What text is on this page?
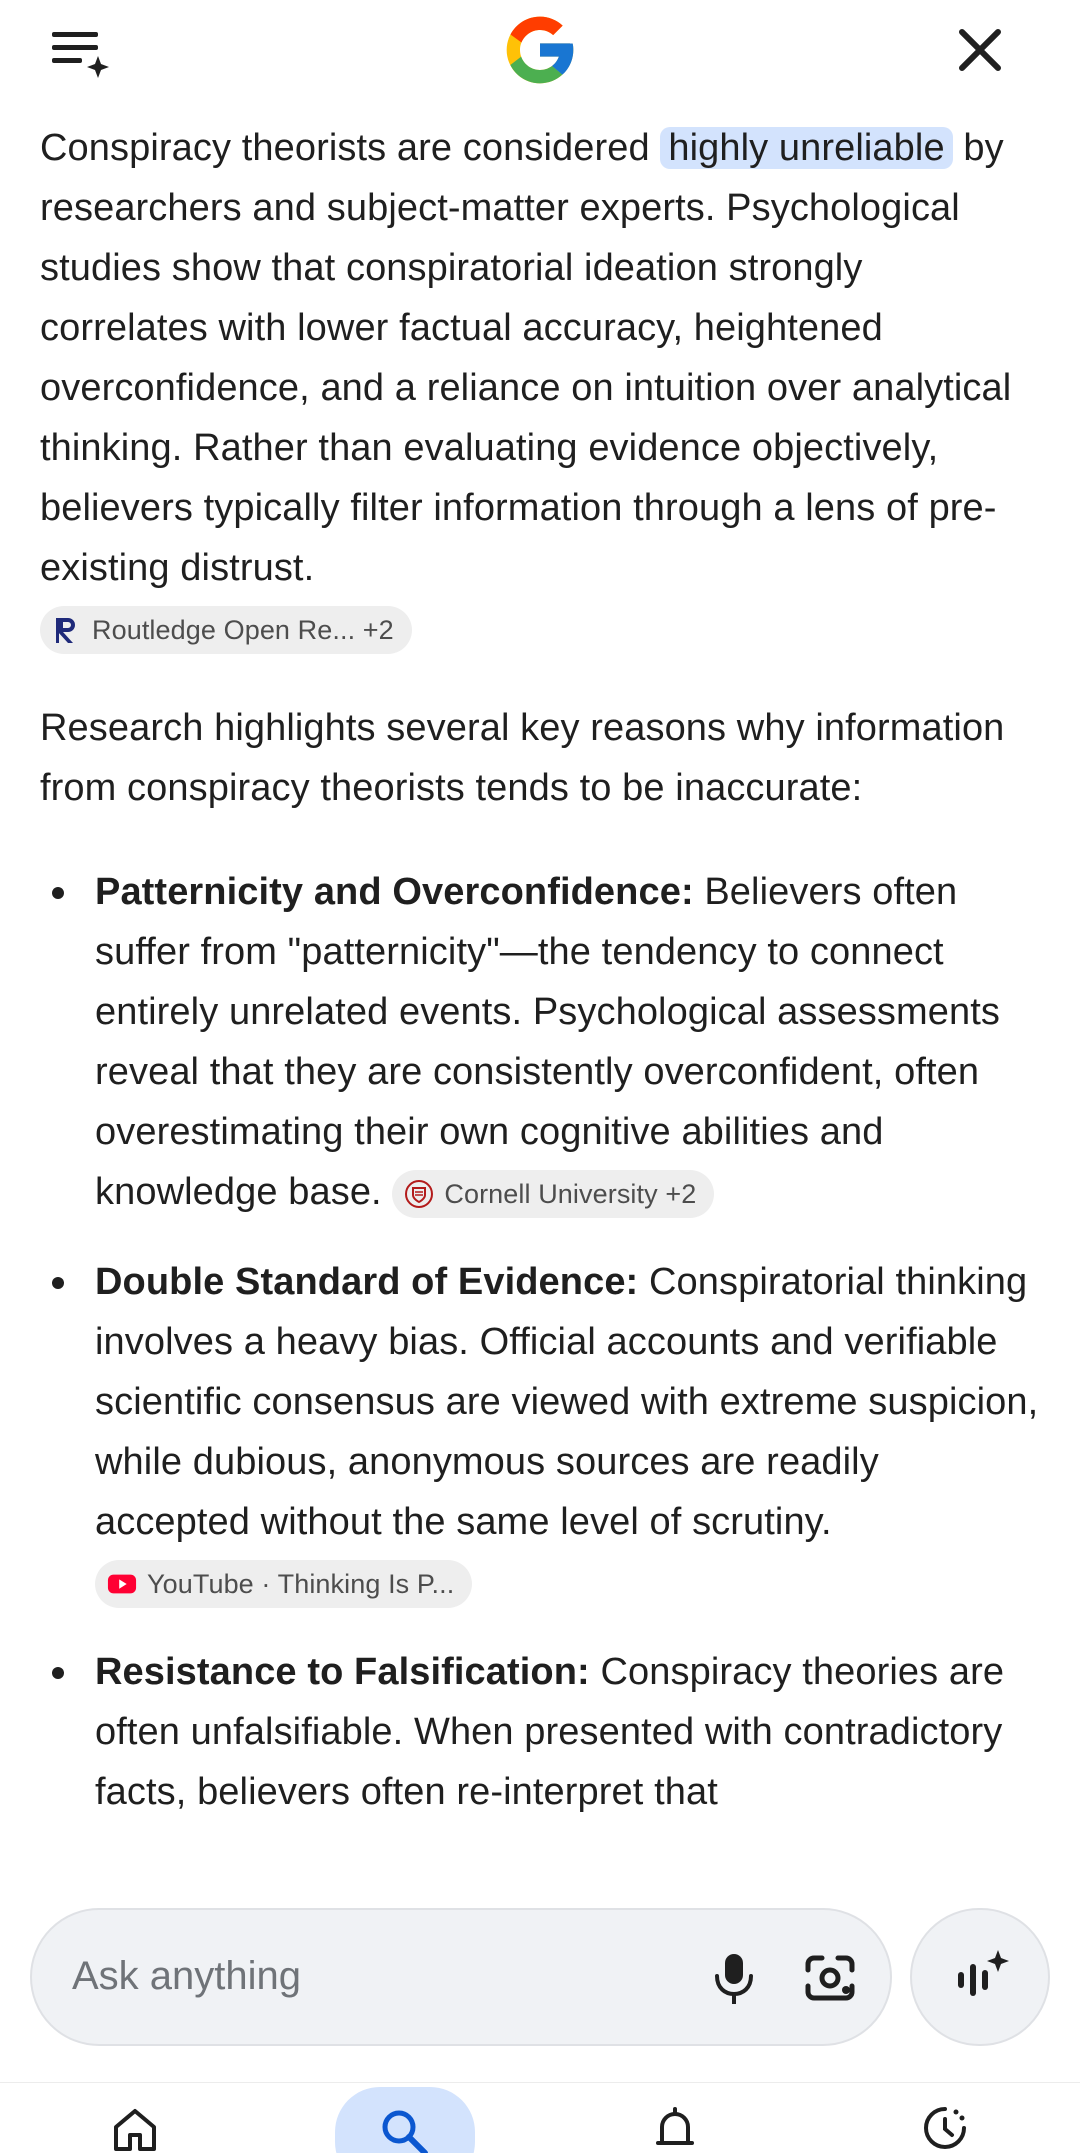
Conspiracy theorists are considered highly unreliable by researchers and subject-matter experts. Psychological studies show that conspiratorial ideation strongly correlates with lower factual accuracy, heightened overconfidence, and a reliance on intuition over analytical thinking. Rather than evaluating evidence objectively, believers typically filter information through a lens of pre-existing distrust.

Routledge Open Re... +2

Research highlights several key reasons why information from conspiracy theorists tends to be inaccurate:

Patternicity and Overconfidence: Believers often suffer from "patternicity"—the tendency to connect entirely unrelated events. Psychological assessments reveal that they are consistently overconfident, often overestimating their own cognitive abilities and knowledge base. Cornell University +2
Double Standard of Evidence: Conspiratorial thinking involves a heavy bias. Official accounts and verifiable scientific consensus are viewed with extreme suspicion, while dubious, anonymous sources are readily accepted without the same level of scrutiny.
YouTube · Thinking Is P...
Resistance to Falsification: Conspiracy theories are often unfalsifiable. When presented with contradictory facts, believers often re-interpret that
Ask anything
